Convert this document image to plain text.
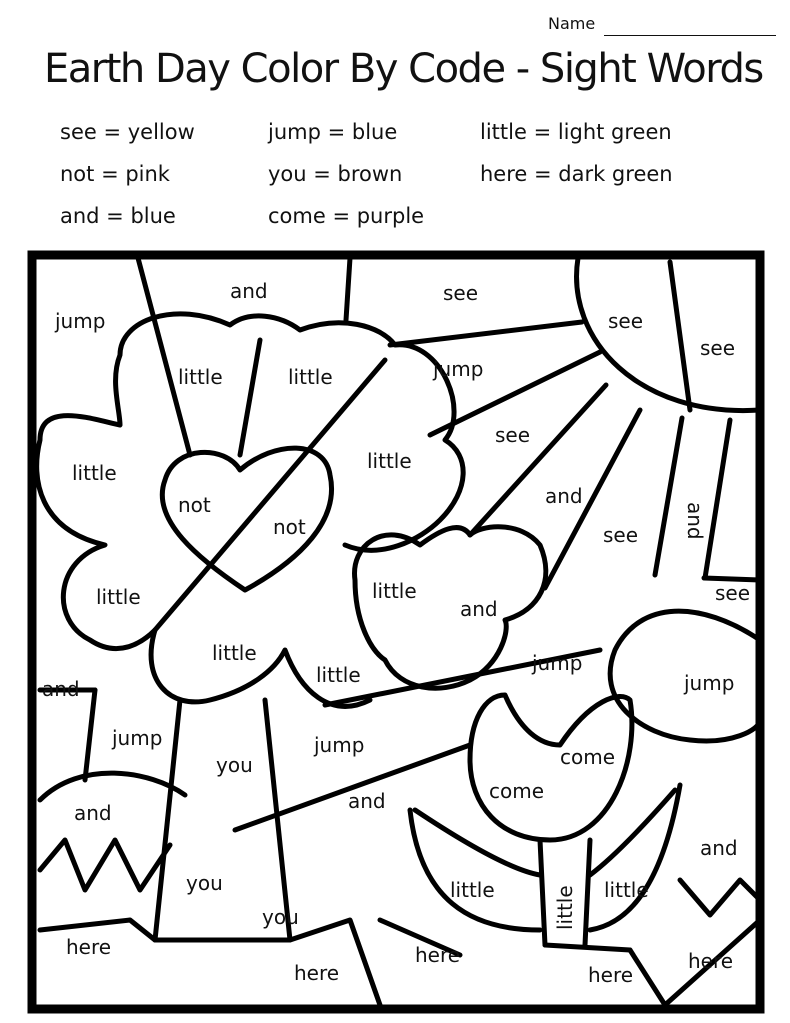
Name
Earth Day Color By Code - Sight Words
see = yellow
not = pink
and = blue
jump = blue
you = brown
come = purple
little = light green
here = dark green
jump
and	see
see
see
little	little	jump
see
little
not
little
and
and
not	see
little	little
and
see
little
little	jump
jump
and
jump
you
jump	come
come
and	and
and
you	little	little little
you
here	here	here
here	here
